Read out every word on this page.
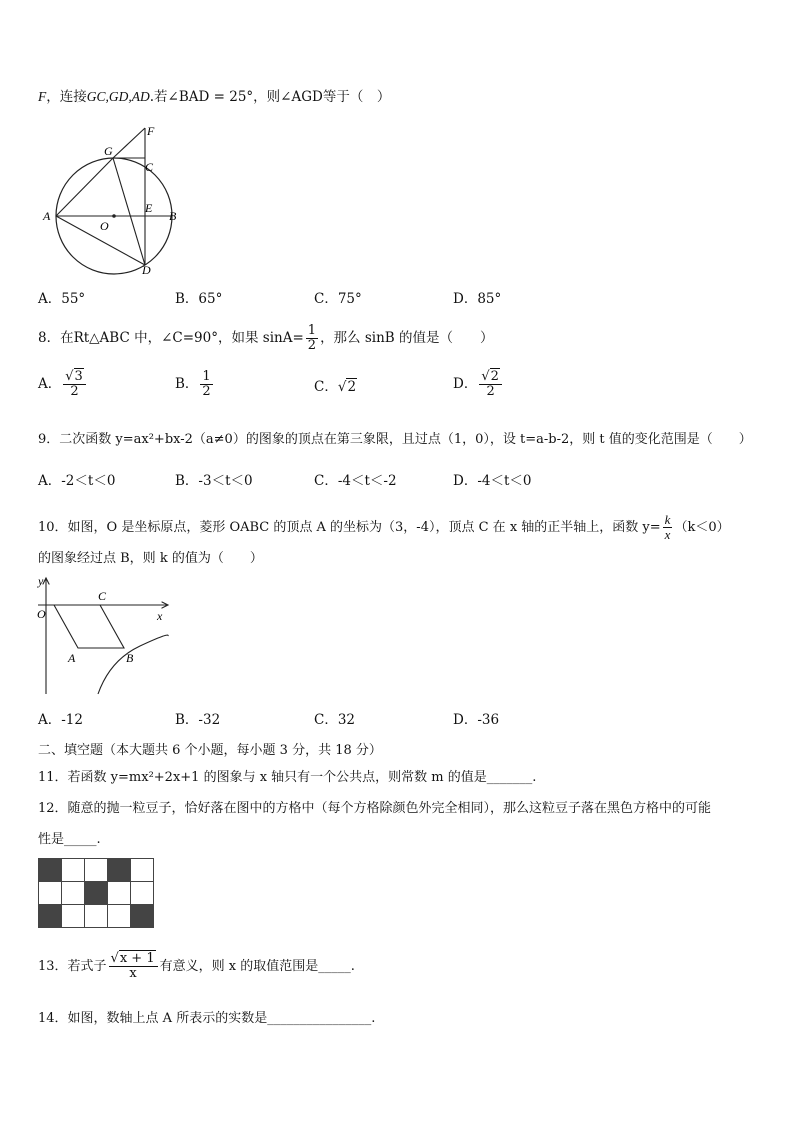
F，连接GC,GD,AD.若∠BAD = 25°，则∠AGD等于（　）
F
G
C
A
E
B
O
D
A．55°	B．65°	C．75°	D．85°
8．在Rt△ABC 中，∠C=90°，如果 $\sin A= \frac{1}{2}$ ，那么 sinB 的值是（　　）
A． $\frac{√3}{2}$	B． $\frac{1}{2}$	C．√2	D． $\frac{√2}{2}$
9．二次函数 y=ax²+bx-2（a≠0）的图象的顶点在第三象限，且过点（1，0），设 t=a-b-2，则 t 值的变化范围是（　　）
A．-2＜t＜0	B．-3＜t＜0	C．-4＜t＜-2	D．-4＜t＜0
10．如图，O 是坐标原点，菱形 OABC 的顶点 A 的坐标为（3，-4），顶点 C 在 x 轴的正半轴上，函数 $y= \frac{k}{x} (k<0)$
的图象经过点 B，则 k 的值为（　　）
y
O
C
x
A	B
A．-12	B．-32	C．32	D．-36
二、填空题（本大题共 6 个小题，每小题 3 分，共 18 分）
11．若函数 y=mx²+2x+1 的图象与 x 轴只有一个公共点，则常数 m 的值是_______.
12．随意的抛一粒豆子，恰好落在图中的方格中（每个方格除颜色外完全相同），那么这粒豆子落在黑色方格中的可能
性是_____.

13．若式子 $\frac{√x + 1}{x}$ 有意义，则 x 的取值范围是_____.
14．如图，数轴上点 A 所表示的实数是________________.
